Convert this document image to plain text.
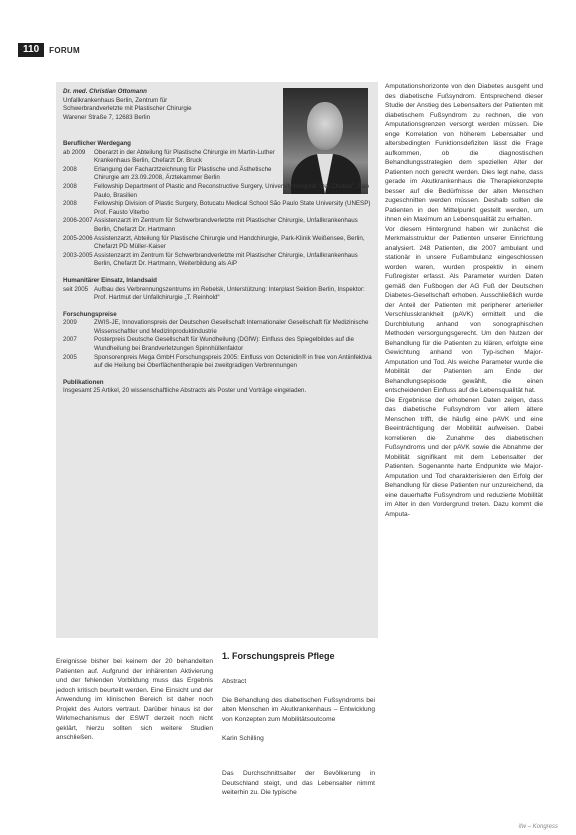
110	FORUM
Dr. med. Christian Ottomann
Unfallkrankenhaus Berlin, Zentrum für
Schwerbrandverletzte mit Plastischer Chirurgie
Warener Straße 7, 12683 Berlin
Beruflicher Werdegang
ab 2009	Oberarzt in der Abteilung für Plastische Chirurgie im Martin-Luther Krankenhaus Berlin, Chefarzt Dr. Bruck
2008	Erlangung der Facharztzeichnung für Plastische und Ästhetische Chirurgie am 23.09.2008, Ärztekammer Berlin
2008	Fellowship Department of Plastic and Reconstructive Surgery, University Hospital "Dai Chulalo", Sao Paulo, Brasilien
2008	Fellowship Division of Plastic Surgery, Botucatu Medical School São Paulo State University (UNESP) Prof. Fausto Viterbo
2006-2007 Assistenzarzt im Zentrum für Schwerbrandverletzte mit Plastischer Chirurgie, Unfallkrankenhaus Berlin, Chefarzt Dr. Hartmann
2005-2006 Assistenzarzt, Abteilung für Plastische Chirurgie und Handchirurgie, Park-Klinik Weißensee, Berlin, Chefarzt PD Müller-Kaiser
2003-2005 Assistenzarzt im Zentrum für Schwerbrandverletzte mit Plastischer Chirurgie, Unfallkrankenhaus Berlin, Chefarzt Dr. Hartmann, Weiterbildung als AiP
Humanitärer Einsatz, Inlandsaid
seit 2005 Aufbau des Verbrennungszentrums im Rebelsk, Unterstützung: Interplast Sektion Berlin, Inspektor: Prof. Hartmut der Unfallchirurgie „T. Reinhold“
Forschungspreise
2009	ZWIS-JE, Innovationspreis der Deutschen Gesellschaft Internationaler Gesellschaft für Medizinische Wissenschaftler und Medizinproduktindustrie
2007	Posterpreis Deutsche Gesellschaft für Wundheilung (DGfW): Einfluss des Spiegelbildes auf die Wundheilung bei Brandverletzungen Spinnhüllenfaktor
2005	Sponsorenpreis Mega GmbH Forschungspreis 2005: Einfluss von Octenidin® in free von Antiinfektiva auf die Heilung bei Oberflächentherapie bei zweitgradigen Verbrennungen
Publikationen
Insgesamt 25 Artikel, 20 wissenschaftliche Abstracts als Poster und Vorträge eingeladen.
Amputationshorizonte von den Diabetes ausgeht und des diabetische Fußsyndrom. Entsprechend dieser Studie der Anstieg des Lebensalters der Patienten mit diabetischem Fußsyndrom zu rechnen, die von Amputationsgrenzen versorgt werden müssen. Die enge Korrelation von höherem Lebensalter und altersbedingten Funktionsdefiziten lässt die Frage aufkommen, ob die diagnostischen Behandlungsstrategien dem speziellen Alter der Patienten noch gerecht werden. Dies legt nahe, dass gerade im Akutkrankenhaus die Therapiekonzepte besser auf die Bedürfnisse der alten Menschen zugeschnitten werden müssen. Deshalb sollten die Patienten in den Mittelpunkt gestellt werden, um ihnen ein Maximum an Lebensqualität zu erhalten.
Vor diesem Hintergrund haben wir zunächst die Merkmalsstruktur der Patienten unserer Einrichtung analysiert. 248 Patienten, die 2007 ambulant und stationär in unsere Fußambulanz eingeschlossen worden waren, wurden prospektiv in einem Fußregister erfasst. Als Parameter wurden Daten gemäß den Fußbogen der AG Fuß der Deutschen Diabetes-Gesellschaft erhoben. Ausschließlich wurde der Anteil der Patienten mit peripherer arterieller Verschlusskrankheit (pAVK) ermittelt und die Durchblutung anhand von sonographischen Methoden versorgungsgerecht. Um den Nutzen der Behandlung für die Patienten zu klären, erfolgte eine Gewichtung anhand von Typ-ischen Major-Amputation und Tod. Als weiche Parameter wurde die Mobilität der Patienten am Ende der Behandlungsepisode gewählt, die einen entscheidenden Einfluss auf die Lebensqualität hat.
Die Ergebnisse der erhobenen Daten zeigen, dass das diabetische Fußsyndrom vor allem ältere Menschen trifft, die häufig eine pAVK und eine Beeinträchtigung der Mobilität aufweisen. Dabei korrelieren die Zunahme des diabetischen Fußsyndroms und der pAVK sowie die Abnahme der Mobilität signifikant mit dem Lebensalter der Patienten. Sogenannte harte Endpunkte wie Major-Amputation und Tod charakterisieren den Erfolg der Behandlung für diese Patienten nur unzureichend, da eine dauerhafte Fußsyndrom und reduzierte Mobilität im Alter in den Vordergrund treten. Dazu kommt die Amputa-
Ereignisse bisher bei keinem der 20 behandelten Patienten auf. Aufgrund der inhärenten Aktivierung und der fehlenden Vorbildung muss das Ergebnis jedoch kritisch beurteilt werden. Eine Einsicht und der Anwendung im klinischen Bereich ist daher noch Projekt des Autors vertraut. Darüber hinaus ist der Wirkmechanismus der ESWT derzeit noch nicht geklärt, hierzu sollten sich weitere Studien anschließen.
1. Forschungspreis Pflege

Abstract

Die Behandlung des diabetischen Fußsyndroms bei alten Menschen im Akutkrankenhaus – Entwicklung von Konzepten zum Mobilitätsoutcome

Karin Schilling

Das Durchschnittsalter der Bevölkerung in Deutschland steigt, und das Lebensalter nimmt weiterhin zu. Die typische

ifw – Kongress
